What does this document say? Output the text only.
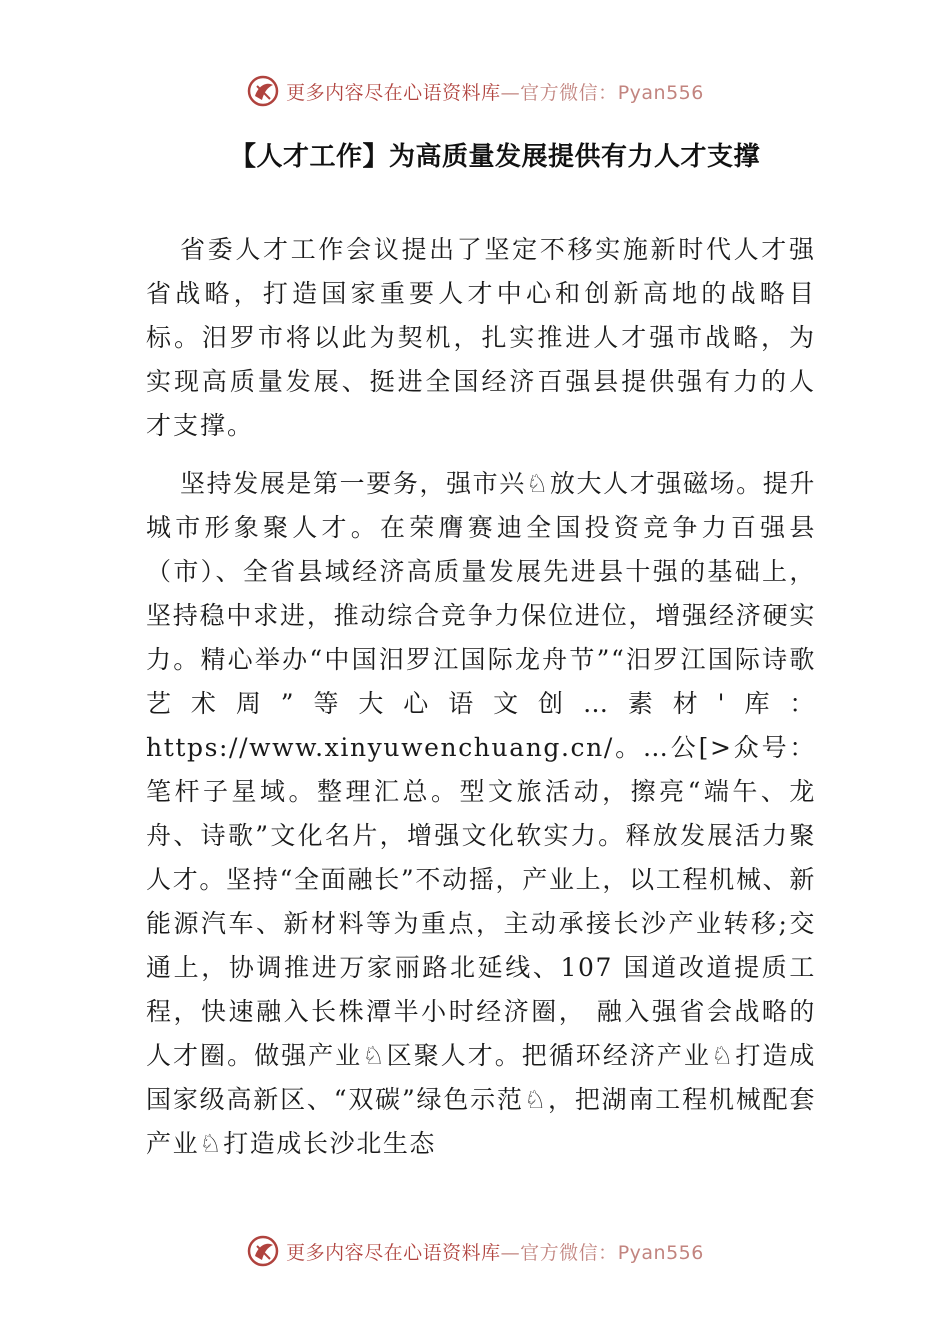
更多内容尽在心语资料库—官方微信：Pyan556
【人才工作】为高质量发展提供有力人才支撑

省委人才工作会议提出了坚定不移实施新时代人才强省战略，打造国家重要人才中心和创新高地的战略目标。汨罗市将以此为契机，扎实推进人才强市战略，为实现高质量发展、挺进全国经济百强县提供强有力的人才支撑。

坚持发展是第一要务，强市兴♘放大人才强磁场。提升城市形象聚人才。在荣膺赛迪全国投资竞争力百强县（市）、全省县域经济高质量发展先进县十强的基础上，坚持稳中求进，推动综合竞争力保位进位，增强经济硬实力。精心举办“中国汨罗江国际龙舟节”“汨罗江国际诗歌艺术周”等大心语文创…素材'库：https://www.xinyuwenchuang.cn/。…公[>众号：笔杆子星域。整理汇总。型文旅活动，擦亮“端午、龙舟、诗歌”文化名片，增强文化软实力。释放发展活力聚人才。坚持“全面融长”不动摇，产业上，以工程机械、新能源汽车、新材料等为重点，主动承接长沙产业转移;交通上，协调推进万家丽路北延线、107 国道改道提质工程，快速融入长株潭半小时经济圈， 融入强省会战略的人才圈。做强产业♘区聚人才。把循环经济产业♘打造成国家级高新区、“双碳”绿色示范♘，把湖南工程机械配套产业♘打造成长沙北生态

更多内容尽在心语资料库—官方微信：Pyan556
